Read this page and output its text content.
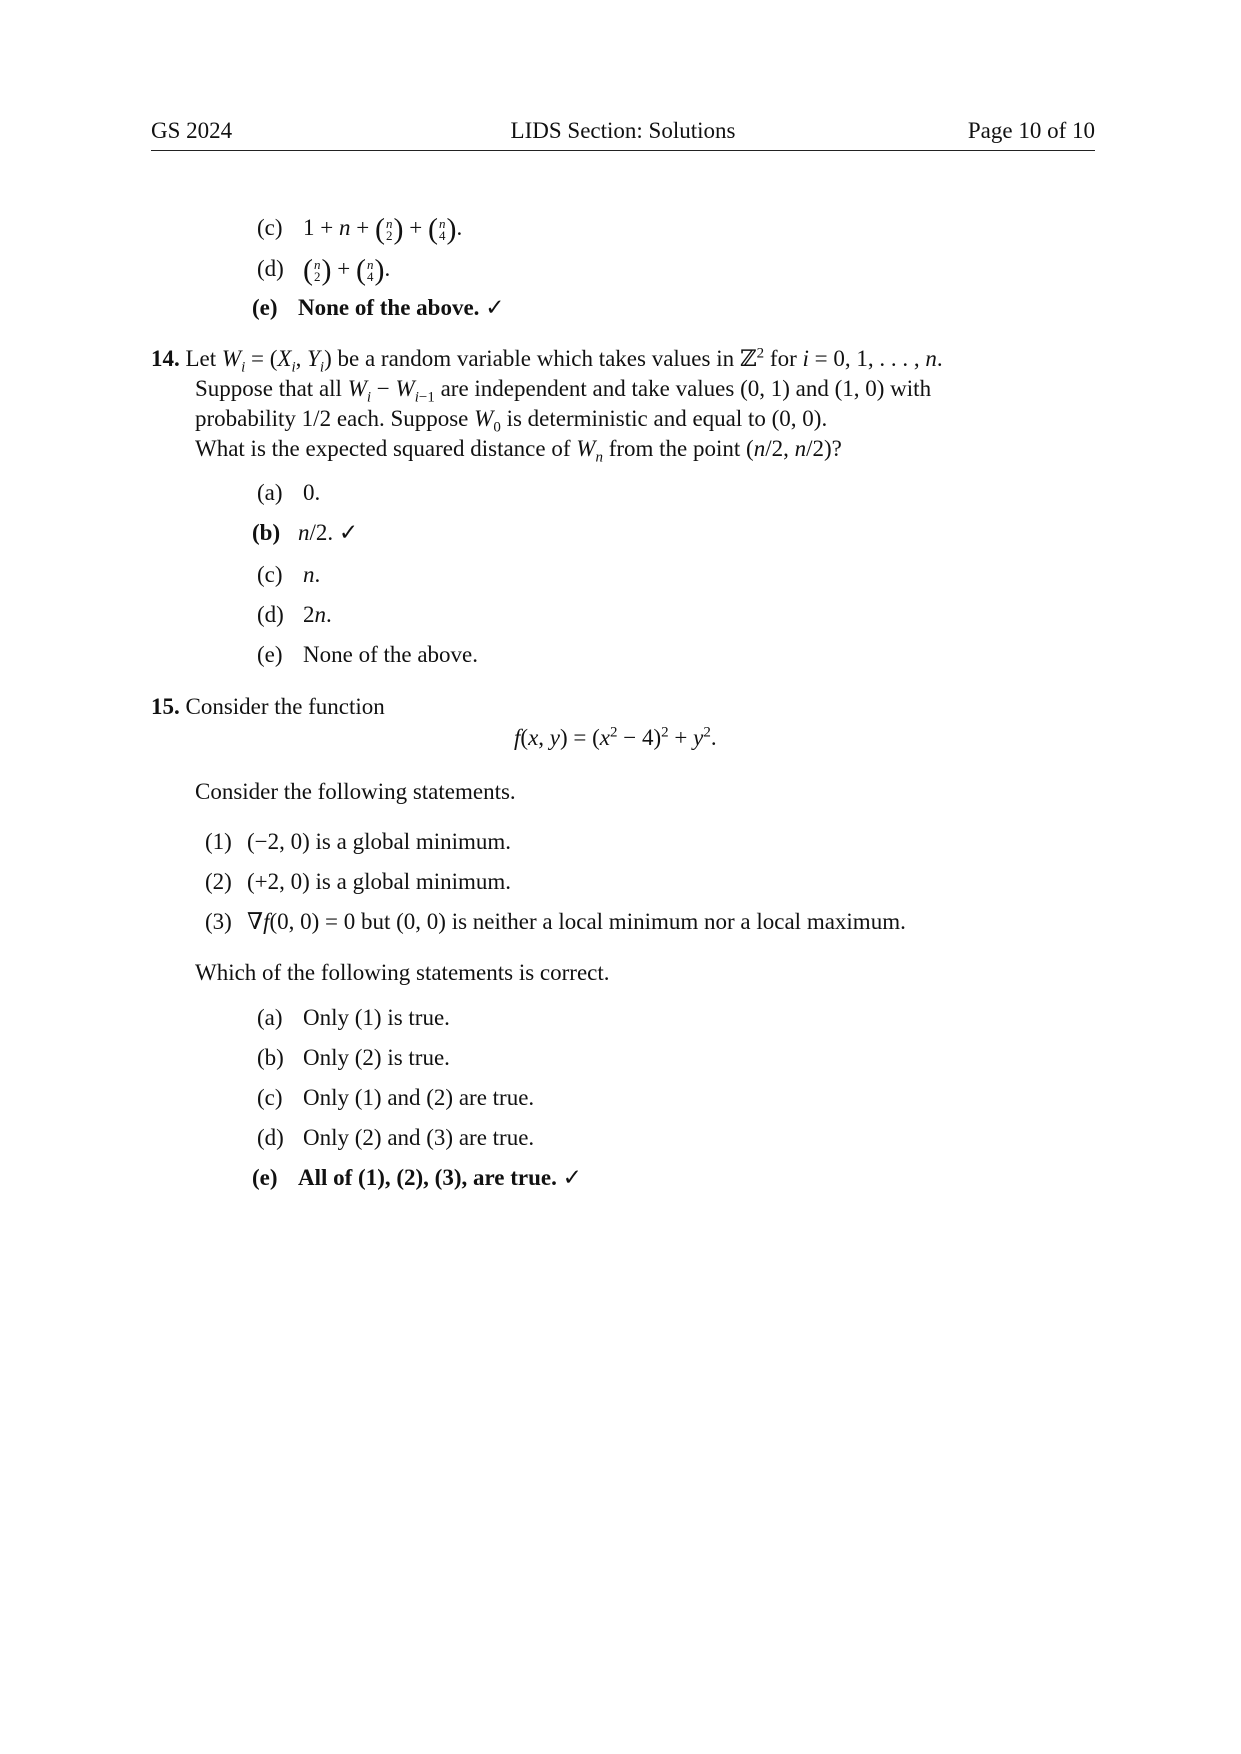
GS 2024	LIDS Section: Solutions	Page 10 of 10
(c) 1 + n + (n
2) + (n
4).
(d) (n
2) + (n
4).
(e) None of the above. ✓
14. Let $W_i = (X_i$, $Y_i$) be a random variable which takes values in ℤ$^2$ for i = 0, 1, . . . , n.
Suppose that all $W_i - W_{i-1}$ are independent and take values (0, 1) and (1, 0) with
probability 1/2 each. Suppose $W_0$ is deterministic and equal to (0, 0).
What is the expected squared distance of $W_n$ from the point (n/2, n/2)?
(a) 0.
(b) n/2. ✓
(c) n.
(d) 2n.
(e) None of the above.
15. Consider the function
f(x, $y) = (x^2 - 4)^2 + y^2$.
Consider the following statements.
(1) (−2, 0) is a global minimum.
(2) (+2, 0) is a global minimum.
(3) ∇f(0, 0) = 0 but (0, 0) is neither a local minimum nor a local maximum.
Which of the following statements is correct.
(a) Only (1) is true.
(b) Only (2) is true.
(c) Only (1) and (2) are true.
(d) Only (2) and (3) are true.
(e) All of (1), (2), (3), are true. ✓
